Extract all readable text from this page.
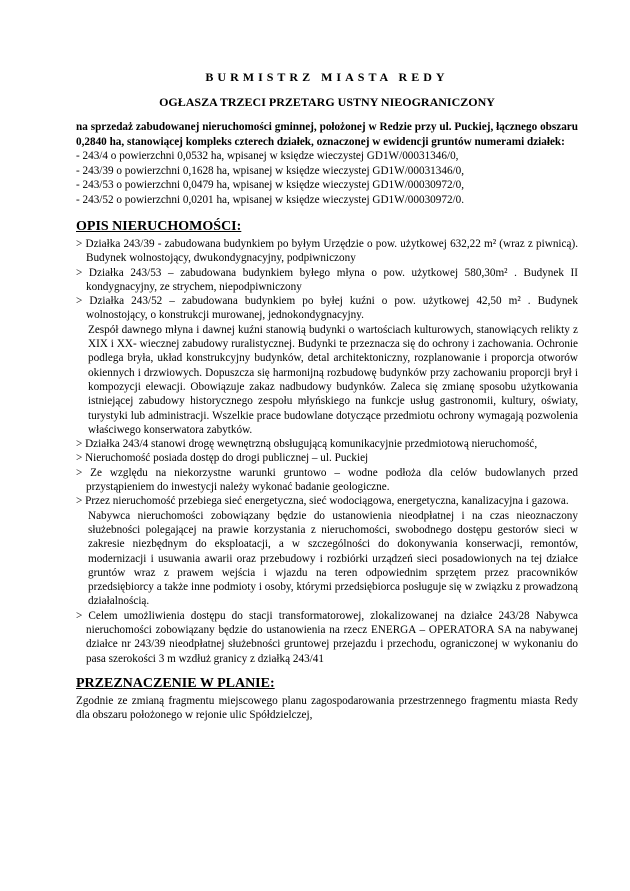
BURMISTRZ MIASTA REDY
OGŁASZA TRZECI PRZETARG USTNY NIEOGRANICZONY

na sprzedaż zabudowanej nieruchomości gminnej, położonej w Redzie przy ul. Puckiej, łącznego obszaru 0,2840 ha, stanowiącej kompleks czterech działek, oznaczonej w ewidencji gruntów numerami działek:

- 243/4 o powierzchni 0,0532 ha, wpisanej w księdze wieczystej GD1W/00031346/0,
- 243/39 o powierzchni 0,1628 ha, wpisanej w księdze wieczystej GD1W/00031346/0,
- 243/53 o powierzchni 0,0479 ha, wpisanej w księdze wieczystej GD1W/00030972/0,
- 243/52 o powierzchni 0,0201 ha, wpisanej w księdze wieczystej GD1W/00030972/0.
OPIS NIERUCHOMOŚCI:
> Działka 243/39 - zabudowana budynkiem po byłym Urzędzie o pow. użytkowej 632,22 m² (wraz z piwnicą). Budynek wolnostojący, dwukondygnacyjny, podpiwniczony
> Działka 243/53 – zabudowana budynkiem byłego młyna o pow. użytkowej 580,30m² . Budynek II kondygnacyjny, ze strychem, niepodpiwniczony
> Działka 243/52 – zabudowana budynkiem po byłej kuźni o pow. użytkowej 42,50 m² . Budynek wolnostojący, o konstrukcji murowanej, jednokondygnacyjny.

Zespół dawnego młyna i dawnej kuźni stanowią budynki o wartościach kulturowych, stanowiących relikty z XIX i XX- wiecznej zabudowy ruralistycznej. Budynki te przeznacza się do ochrony i zachowania. Ochronie podlega bryła, układ konstrukcyjny budynków, detal architektoniczny, rozplanowanie i proporcja otworów okiennych i drzwiowych. Dopuszcza się harmonijną rozbudowę budynków przy zachowaniu proporcji brył i kompozycji elewacji. Obowiązuje zakaz nadbudowy budynków. Zaleca się zmianę sposobu użytkowania istniejącej zabudowy historycznego zespołu młyńskiego na funkcje usług gastronomii, kultury, oświaty, turystyki lub administracji. Wszelkie prace budowlane dotyczące przedmiotu ochrony wymagają pozwolenia właściwego konserwatora zabytków.

> Działka 243/4 stanowi drogę wewnętrzną obsługującą komunikacyjnie przedmiotową nieruchomość,
> Nieruchomość posiada dostęp do drogi publicznej – ul. Puckiej
> Ze względu na niekorzystne warunki gruntowo – wodne podłoża dla celów budowlanych przed przystąpieniem do inwestycji należy wykonać badanie geologiczne.
> Przez nieruchomość przebiega sieć energetyczna, sieć wodociągowa, energetyczna, kanalizacyjna i gazowa.

Nabywca nieruchomości zobowiązany będzie do ustanowienia nieodpłatnej i na czas nieoznaczony służebności polegającej na prawie korzystania z nieruchomości, swobodnego dostępu gestorów sieci w zakresie niezbędnym do eksploatacji, a w szczególności do dokonywania konserwacji, remontów, modernizacji i usuwania awarii oraz przebudowy i rozbiórki urządzeń sieci posadowionych na tej działce gruntów wraz z prawem wejścia i wjazdu na teren odpowiednim sprzętem przez pracowników przedsiębiorcy a także inne podmioty i osoby, którymi przedsiębiorca posługuje się w związku z prowadzoną działalnością.

> Celem umożliwienia dostępu do stacji transformatorowej, zlokalizowanej na działce 243/28 Nabywca nieruchomości zobowiązany będzie do ustanowienia na rzecz ENERGA – OPERATORA SA na nabywanej działce nr 243/39 nieodpłatnej służebności gruntowej przejazdu i przechodu, ograniczonej w wykonaniu do pasa szerokości 3 m wzdłuż granicy z działką 243/41
PRZEZNACZENIE W PLANIE:

Zgodnie ze zmianą fragmentu miejscowego planu zagospodarowania przestrzennego fragmentu miasta Redy dla obszaru położonego w rejonie ulic Spółdzielczej,
